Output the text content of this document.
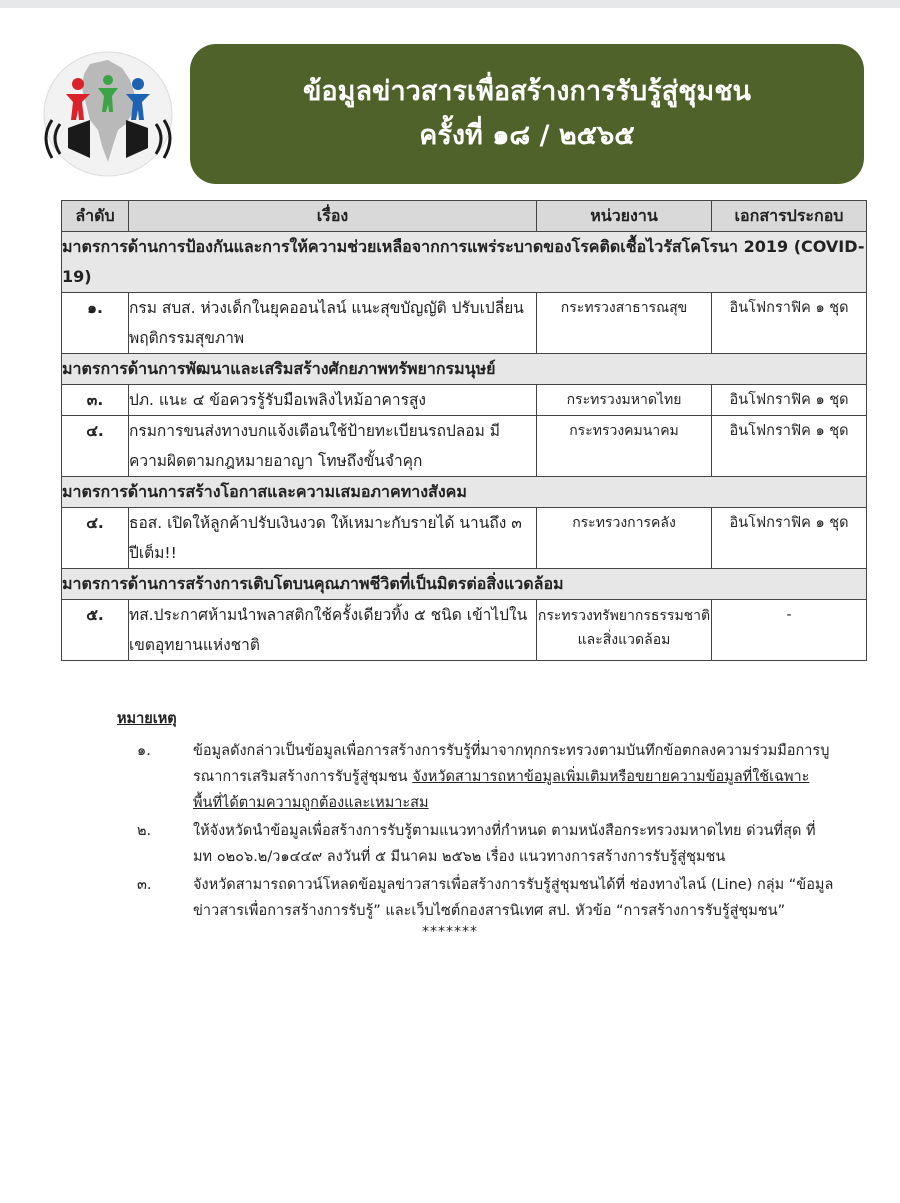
ข้อมูลข่าวสารเพื่อสร้างการรับรู้สู่ชุมชน
ครั้งที่ ๑๘ / ๒๕๖๕
ลำดับ	เรื่อง	หน่วยงาน	เอกสารประกอบ
มาตรการด้านการป้องกันและการให้ความช่วยเหลือจากการแพร่ระบาดของโรคติดเชื้อไวรัสโคโรนา 2019 (COVID-19)			
๑.	กรม สบส. ห่วงเด็กในยุคออนไลน์ แนะสุขบัญญัติ ปรับเปลี่ยนพฤติกรรมสุขภาพ	กระทรวงสาธารณสุข	อินโฟกราฟิค ๑ ชุด
มาตรการด้านการพัฒนาและเสริมสร้างศักยภาพทรัพยากรมนุษย์			
๓.	ปภ. แนะ ๔ ข้อควรรู้รับมือเพลิงไหม้อาคารสูง	กระทรวงมหาดไทย	อินโฟกราฟิค ๑ ชุด
๔.	กรมการขนส่งทางบกแจ้งเตือนใช้ป้ายทะเบียนรถปลอม มีความผิดตามกฎหมายอาญา โทษถึงขั้นจำคุก	กระทรวงคมนาคม	อินโฟกราฟิค ๑ ชุด
มาตรการด้านการสร้างโอกาสและความเสมอภาคทางสังคม			
๔.	ธอส. เปิดให้ลูกค้าปรับเงินงวด ให้เหมาะกับรายได้ นานถึง ๓ ปีเต็ม!!	กระทรวงการคลัง	อินโฟกราฟิค ๑ ชุด
มาตรการด้านการสร้างการเติบโตบนคุณภาพชีวิตที่เป็นมิตรต่อสิ่งแวดล้อม			
๕.	ทส.ประกาศห้ามนำพลาสติกใช้ครั้งเดียวทิ้ง ๕ ชนิด เข้าไปในเขตอุทยานแห่งชาติ	กระทรวงทรัพยากรธรรมชาติและสิ่งแวดล้อม	-
หมายเหตุ
๑.	ข้อมูลดังกล่าวเป็นข้อมูลเพื่อการสร้างการรับรู้ที่มาจากทุกกระทรวงตามบันทึกข้อตกลงความร่วมมือการบูรณาการเสริมสร้างการรับรู้สู่ชุมชน จังหวัดสามารถหาข้อมูลเพิ่มเติมหรือขยายความข้อมูลที่ใช้เฉพาะพื้นที่ได้ตามความถูกต้องและเหมาะสม
๒.	ให้จังหวัดนำข้อมูลเพื่อสร้างการรับรู้ตามแนวทางที่กำหนด ตามหนังสือกระทรวงมหาดไทย ด่วนที่สุด ที่ มท ๐๒๐๖.๒/ว๑๔๔๙ ลงวันที่ ๕ มีนาคม ๒๕๖๒ เรื่อง แนวทางการสร้างการรับรู้สู่ชุมชน
๓.	จังหวัดสามารถดาวน์โหลดข้อมูลข่าวสารเพื่อสร้างการรับรู้สู่ชุมชนได้ที่ ช่องทางไลน์ (Line) กลุ่ม “ข้อมูลข่าวสารเพื่อการสร้างการรับรู้” และเว็บไซต์กองสารนิเทศ สป. หัวข้อ “การสร้างการรับรู้สู่ชุมชน”
*******
